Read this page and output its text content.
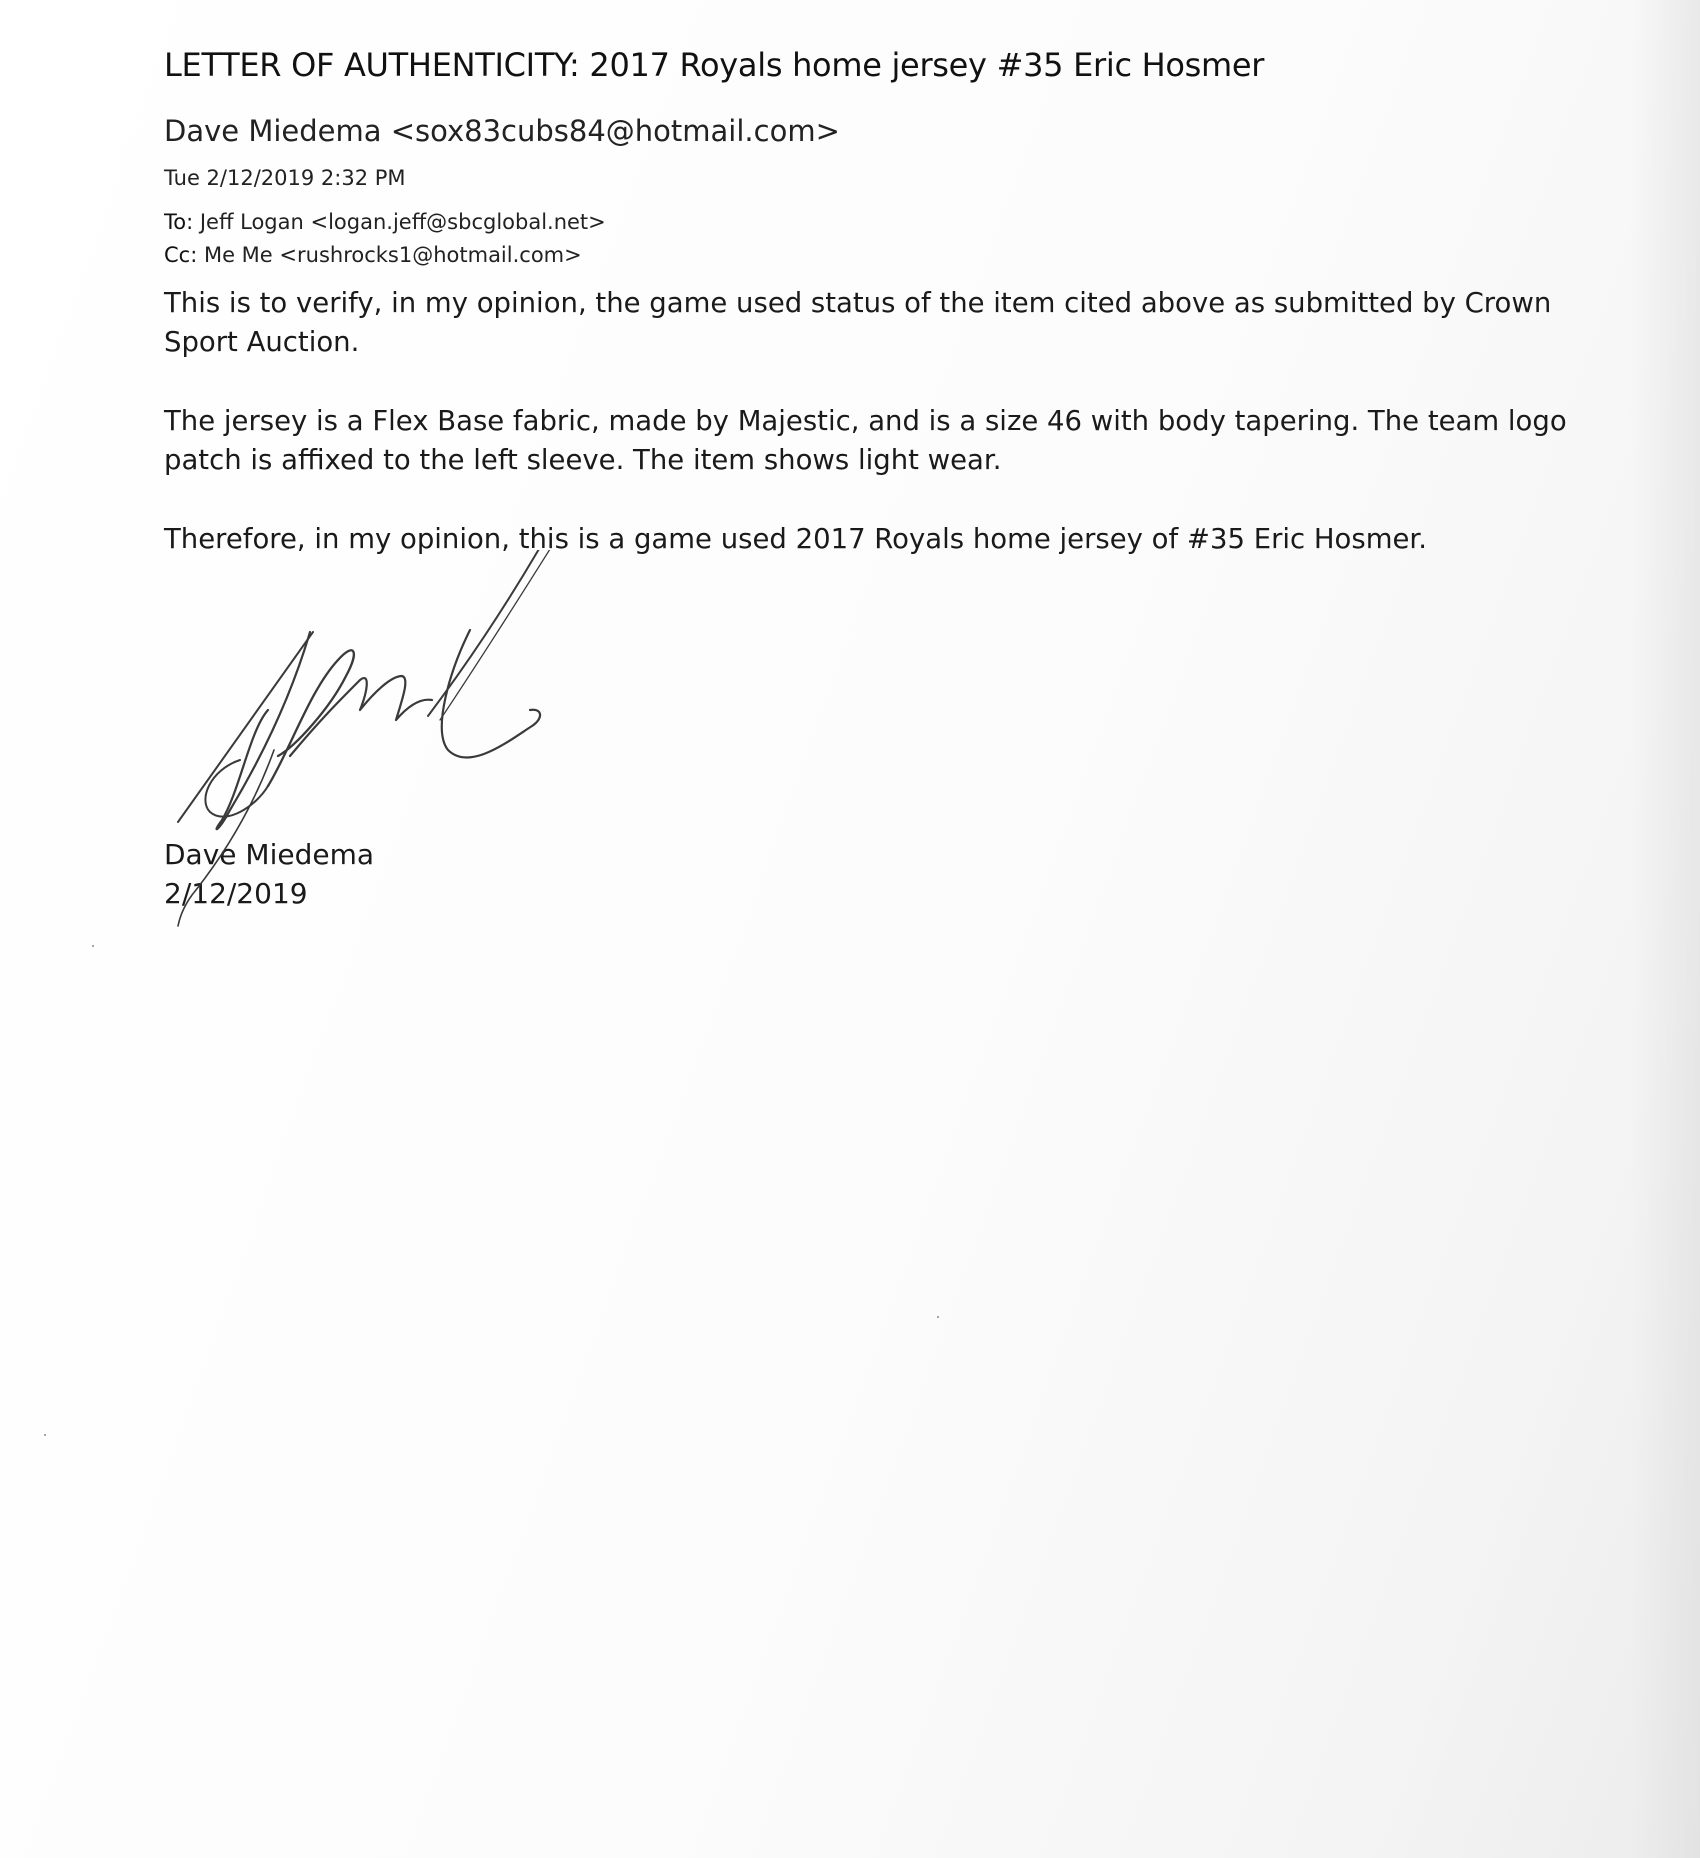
LETTER OF AUTHENTICITY: 2017 Royals home jersey #35 Eric Hosmer
Dave Miedema <sox83cubs84@hotmail.com>
Tue 2/12/2019 2:32 PM
To: Jeff Logan <logan.jeff@sbcglobal.net>
Cc: Me Me <rushrocks1@hotmail.com>
This is to verify, in my opinion, the game used status of the item cited above as submitted by Crown
Sport Auction.
The jersey is a Flex Base fabric, made by Majestic, and is a size 46 with body tapering. The team logo
patch is affixed to the left sleeve. The item shows light wear.
Therefore, in my opinion, this is a game used 2017 Royals home jersey of #35 Eric Hosmer.
Dave Miedema
2/12/2019
